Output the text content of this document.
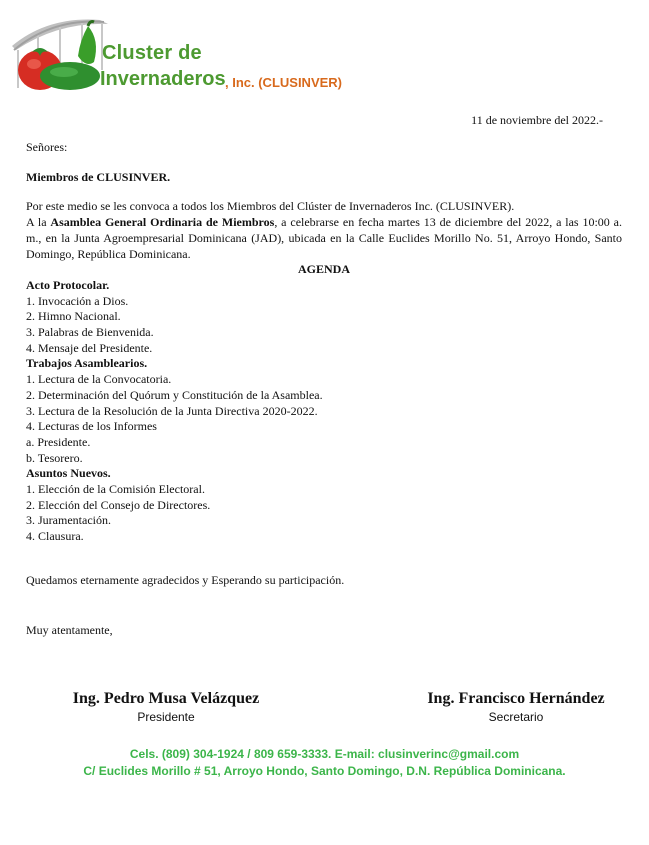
Cluster de
Invernaderos , Inc. (CLUSINVER)
11 de noviembre del 2022.-

Señores:

Miembros de CLUSINVER.

Por este medio se les convoca a todos los Miembros del Clúster de Invernaderos Inc. (CLUSINVER).

A la Asamblea General Ordinaria de Miembros, a celebrarse en fecha martes 13 de diciembre del 2022, a las 10:00 a. m., en la Junta Agroempresarial Dominicana (JAD), ubicada en la Calle Euclides Morillo No. 51, Arroyo Hondo, Santo Domingo, República Dominicana.

AGENDA

Acto Protocolar.

1. Invocación a Dios.

2. Himno Nacional.

3. Palabras de Bienvenida.

4. Mensaje del Presidente.

Trabajos Asamblearios.

1. Lectura de la Convocatoria.

2. Determinación del Quórum y Constitución de la Asamblea.

3. Lectura de la Resolución de la Junta Directiva 2020-2022.

4. Lecturas de los Informes

a. Presidente.

b. Tesorero.

Asuntos Nuevos.

1. Elección de la Comisión Electoral.

2. Elección del Consejo de Directores.

3. Juramentación.

4. Clausura.

Quedamos eternamente agradecidos y Esperando su participación.

Muy atentamente,

Ing. Pedro Musa Velázquez
Presidente
Ing. Francisco Hernández
Secretario
Cels. (809) 304-1924 / 809 659-3333. E-mail: clusinverinc@gmail.com
C/ Euclides Morillo # 51, Arroyo Hondo, Santo Domingo, D.N. República Dominicana.
